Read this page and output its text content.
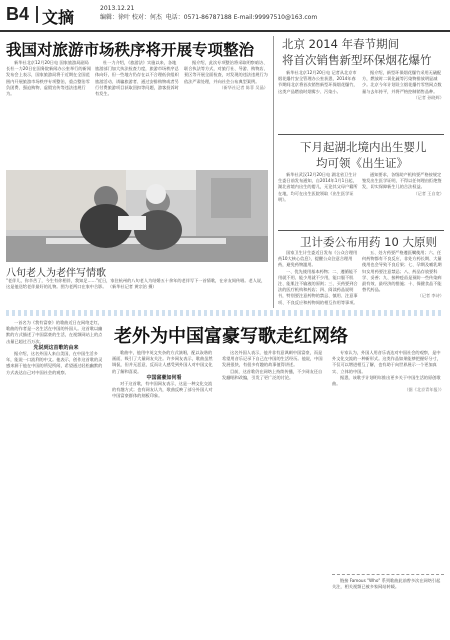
B4 文摘	2013.12.21
编辑：徐叶 校对：何杰 电话：0571-86787188 E-mail:99997510@163.com
我国对旅游市场秩序将开展专项整治

新华社北京12月20日电 国家旅游局副局长杜一力20日在国务院新闻办公室举行的新闻发布会上表示，国家旅游局将于近期在全国范围内开展旅游市场秩序专项整治，重点整治零负团费、强迫购物、虚假宣传等违法违规行为。

杜一力介绍，《旅游法》实施以来，各地旅游部门加大执法检查力度，旅游市场秩序总体向好，但一些地方仍存在以不合理低价组织旅游活动、诱骗旅游者、通过安排购物或者另行付费旅游项目获取回扣等问题，游客投诉时有发生。

据介绍，此次专项整治将采取明察暗访、联合执法等方式，对旅行社、导游、购物店、景区等开展全面检查，对发现的违法违规行为依法严肃处理，并向社会公布典型案例。

（新华社记者 陈菲 吴晶）
八旬老人为老伴写情歌
"老伴儿，你辛苦了，今生有你相伴，我知足……"近日，家住杭州的八旬老人为结婚五十余年的老伴写下一首情歌，在亲友间传唱。老人说，这是他送给老伴最好的礼物。图为老两口在家中合影。 （新华社记者 黄宗治 摄）
北京 2014 年春节期间
将首次销售新型环保烟花爆竹

新华社北京12月20日电 记者从北京市烟花爆竹安全管理办公室获悉，2014年春节期间北京将首次销售新型环保烟花爆竹，这类产品燃放时烟雾少、污染小。

据介绍，新型环保烟花爆竹采用无硫配方，燃放时二氧化硫等污染物排放明显减少。北京今年计划设立烟花爆竹零售网点数量与去年持平，并将严格控制销售品种。

（记者 孙晓辉）
下月起湖北境内出生婴儿
均可领《出生证》

新华社武汉12月20日电 湖北省卫生计生委日前发布通知，自2014年1月1日起，湖北省境内出生的婴儿，无论其父母户籍所在地，均可在出生医院领取《出生医学证明》。

通知要求，各级助产机构要严格按规定签发出生医学证明，不得以任何理由拒绝签发，切实保障新生儿的合法权益。

（记者 王自宽）
卫计委公布用药 10 大原则

国家卫生计生委近日发布《公众合理用药10大核心信息》，提醒公众注意合理用药，避免药物滥用。

一、优先使用基本药物；二、遵循能不用就不用、能少用就不少用，能口服不肌注、能肌注不输液的原则；三、买药要到合法的医疗机构和药店；四、阅读药品说明书，特别要注意药物的禁忌、慎用、注意事项、不良反应和药物间的相互作用等事项。

五、处方药要严格遵医嘱使用；六、任何药物都有不良反应，非处方药长期、大量使用也会导致不良后果；七、孕期及哺乳期妇女用药要注意禁忌；八、药品存放要科学、妥善；九、接种疫苗是预防一些传染病最有效、最经济的措施；十、保健食品不能替代药品。

（记者 李诗）
老外为中国富豪写歌走红网络

一首名为《我有富豪》的歌曲近日在网络走红，歌曲的作者是一名生活在中国的外国人。这首歌以幽默的方式描述了中国富豪的生活，在视频网站上的点击量已超过百万次。

先说到这首歌的由来

据介绍，这名外国人来自美国，在中国生活多年，能说一口流利的中文。他表示，创作这首歌的灵感来源于他在中国的所见所闻，希望通过轻松幽默的方式表达自己对中国社会的观察。

歌曲中，他用中英文夹杂的方式演唱，配以诙谐的画面，吸引了大量网友关注。许多网友表示，歌曲虽然调侃，但并无恶意，反而让人感受到外国人对中国文化的了解和喜爱。

中国富豪如何看

对于这首歌，有中国网友表示，这是一种文化交流的有趣方式；也有网友认为，歌曲反映了部分外国人对中国富豪群体的刻板印象。

这名外国人表示，他并非有意讽刺中国富豪，而是希望用音乐记录下自己在中国的生活经历。他说，中国发展很快，有很多有趣的故事值得讲述。

目前，这首歌仍在网络上持续传播，不少网友还自发翻唱和改编，引发了更广泛的讨论。

专家认为，外国人用音乐表达对中国社会的观察，是中外文化交流的一种新形式。这类作品如果能够把握好分寸，不仅可以增进相互了解，也有助于向世界展示一个更加真实、立体的中国。

据悉，该歌手计划明年推出更多关于中国生活的原创歌曲。

（据《北京青年报》）

链接 Famous "Who" 系列歌曲此前曾多次在网络引起关注，相关视频已被多家网站转载。
